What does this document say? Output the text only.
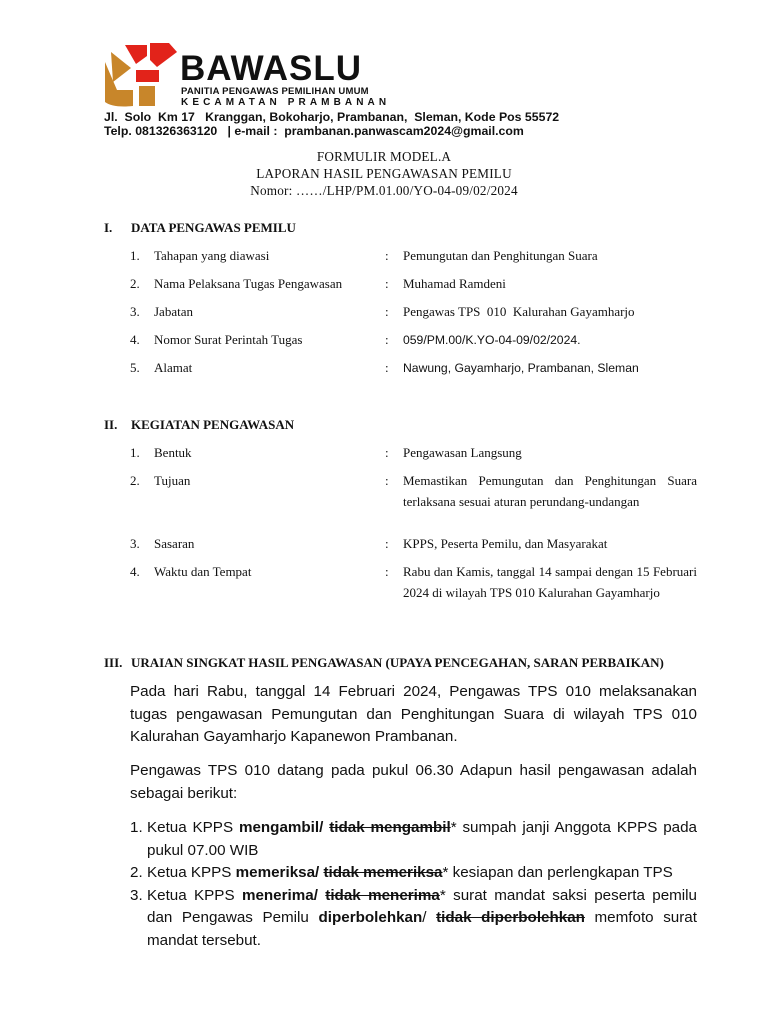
BAWASLU
PANITIA PENGAWAS PEMILIHAN UMUM
KECAMATAN PRAMBANAN
Jl.  Solo  Km 17   Kranggan, Bokoharjo, Prambanan,  Sleman, Kode Pos 55572
Telp. 081326363120   | e-mail :  prambanan.panwascam2024@gmail.com
FORMULIR MODEL.A
LAPORAN HASIL PENGAWASAN PEMILU
Nomor: ……/LHP/PM.01.00/YO-04-09/02/2024
I. DATA PENGAWAS PEMILU
1. Tahapan yang diawasi	: Pemungutan dan Penghitungan Suara
2. Nama Pelaksana Tugas Pengawasan	: Muhamad Ramdeni
3. Jabatan	: Pengawas TPS  010  Kalurahan Gayamharjo
4. Nomor Surat Perintah Tugas	: 059/PM.00/K.YO-04-09/02/2024.
5. Alamat	: Nawung, Gayamharjo, Prambanan, Sleman
II. KEGIATAN PENGAWASAN
1. Bentuk	: Pengawasan Langsung
2. Tujuan	: Memastikan Pemungutan dan Penghitungan Suara terlaksana sesuai aturan perundang-undangan
3. Sasaran	: KPPS, Peserta Pemilu, dan Masyarakat
4. Waktu dan Tempat	: Rabu dan Kamis, tanggal 14 sampai dengan 15 Februari 2024 di wilayah TPS 010 Kalurahan Gayamharjo
III. URAIAN SINGKAT HASIL PENGAWASAN (UPAYA PENCEGAHAN, SARAN PERBAIKAN)
Pada hari Rabu, tanggal 14 Februari 2024, Pengawas TPS 010 melaksanakan tugas pengawasan Pemungutan dan Penghitungan Suara di wilayah TPS 010 Kalurahan Gayamharjo Kapanewon Prambanan.
Pengawas TPS 010 datang pada pukul 06.30 Adapun hasil pengawasan adalah sebagai berikut:
1. Ketua KPPS mengambil/ tidak mengambil* sumpah janji Anggota KPPS pada pukul 07.00 WIB
2. Ketua KPPS memeriksa/ tidak memeriksa* kesiapan dan perlengkapan TPS
3. Ketua KPPS menerima/ tidak menerima* surat mandat saksi peserta pemilu dan Pengawas Pemilu diperbolehkan/ tidak diperbolehkan memfoto surat mandat tersebut.
